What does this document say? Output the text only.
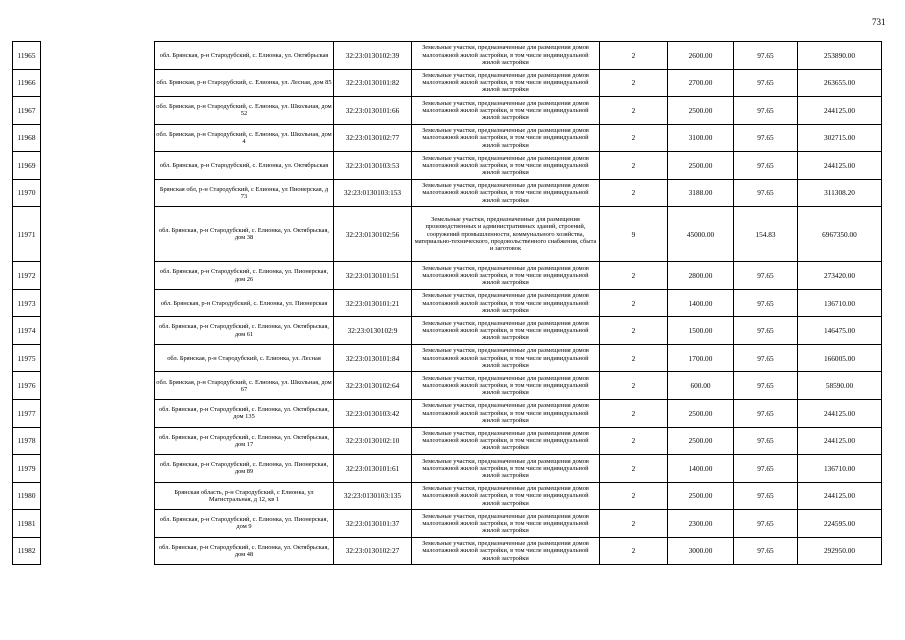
731
11965		обл. Брянская, р-н Стародубский, с. Елионка, ул. Октябрьская	32:23:0130102:39	Земельные участки, предназначенные для размещения домов малоэтажной жилой застройки, в том числе индивидуальной жилой застройки	2	2600.00	97.65	253890.00
11966		обл. Брянская, р-н Стародубский, с. Елионка, ул. Лесная, дом 85	32:23:0130101:82	Земельные участки, предназначенные для размещения домов малоэтажной жилой застройки, в том числе индивидуальной жилой застройки	2	2700.00	97.65	263655.00
11967		обл. Брянская, р-н Стародубский, с. Елионка, ул. Школьная, дом 52	32:23:0130101:66	Земельные участки, предназначенные для размещения домов малоэтажной жилой застройки, в том числе индивидуальной жилой застройки	2	2500.00	97.65	244125.00
11968		обл. Брянская, р-н Стародубский, с. Елионка, ул. Школьная, дом 4	32:23:0130102:77	Земельные участки, предназначенные для размещения домов малоэтажной жилой застройки, в том числе индивидуальной жилой застройки	2	3100.00	97.65	302715.00
11969		обл. Брянская, р-н Стародубский, с. Елионка, ул. Октябрьская	32:23:0130103:53	Земельные участки, предназначенные для размещения домов малоэтажной жилой застройки, в том числе индивидуальной жилой застройки	2	2500.00	97.65	244125.00
11970		Брянская обл, р-н Стародубский, с Елионка, ул Пионерская, д 73	32:23:0130103:153	Земельные участки, предназначенные для размещения домов малоэтажной жилой застройки, в том числе индивидуальной жилой застройки	2	3188.00	97.65	311308.20
11971		обл. Брянская, р-н Стародубский, с. Елионка, ул. Октябрьская, дом 38	32:23:0130102:56	Земельные участки, предназначенные для размещения производственных и административных зданий, строений, сооружений промышленности, коммунального хозяйства, материально-технического, продовольственного снабжения, сбыта и заготовок	9	45000.00	154.83	6967350.00
11972		обл. Брянская, р-н Стародубский, с. Елионка, ул. Пионерская, дом 26	32:23:0130101:51	Земельные участки, предназначенные для размещения домов малоэтажной жилой застройки, в том числе индивидуальной жилой застройки	2	2800.00	97.65	273420.00
11973		обл. Брянская, р-н Стародубский, с. Елионка, ул. Пионерская	32:23:0130101:21	Земельные участки, предназначенные для размещения домов малоэтажной жилой застройки, в том числе индивидуальной жилой застройки	2	1400.00	97.65	136710.00
11974		обл. Брянская, р-н Стародубский, с. Елионка, ул. Октябрьская, дом 61	32:23:0130102:9	Земельные участки, предназначенные для размещения домов малоэтажной жилой застройки, в том числе индивидуальной жилой застройки	2	1500.00	97.65	146475.00
11975		обл. Брянская, р-н Стародубский, с. Елионка, ул. Лесная	32:23:0130101:84	Земельные участки, предназначенные для размещения домов малоэтажной жилой застройки, в том числе индивидуальной жилой застройки	2	1700.00	97.65	166005.00
11976		обл. Брянская, р-н Стародубский, с. Елионка, ул. Школьная, дом 67	32:23:0130102:64	Земельные участки, предназначенные для размещения домов малоэтажной жилой застройки, в том числе индивидуальной жилой застройки	2	600.00	97.65	58590.00
11977		обл. Брянская, р-н Стародубский, с. Елионка, ул. Октябрьская, дом 135	32:23:0130103:42	Земельные участки, предназначенные для размещения домов малоэтажной жилой застройки, в том числе индивидуальной жилой застройки	2	2500.00	97.65	244125.00
11978		обл. Брянская, р-н Стародубский, с. Елионка, ул. Октябрьская, дом 17	32:23:0130102:10	Земельные участки, предназначенные для размещения домов малоэтажной жилой застройки, в том числе индивидуальной жилой застройки	2	2500.00	97.65	244125.00
11979		обл. Брянская, р-н Стародубский, с. Елионка, ул. Пионерская, дом 89	32:23:0130101:61	Земельные участки, предназначенные для размещения домов малоэтажной жилой застройки, в том числе индивидуальной жилой застройки	2	1400.00	97.65	136710.00
11980		Брянская область, р-н Стародубский, с Елионка, ул Магистральная, д 12, кв 1	32:23:0130103:135	Земельные участки, предназначенные для размещения домов малоэтажной жилой застройки, в том числе индивидуальной жилой застройки	2	2500.00	97.65	244125.00
11981		обл. Брянская, р-н Стародубский, с. Елионка, ул. Пионерская, дом 9	32:23:0130101:37	Земельные участки, предназначенные для размещения домов малоэтажной жилой застройки, в том числе индивидуальной жилой застройки	2	2300.00	97.65	224595.00
11982		обл. Брянская, р-н Стародубский, с. Елионка, ул. Октябрьская, дом 48	32:23:0130102:27	Земельные участки, предназначенные для размещения домов малоэтажной жилой застройки, в том числе индивидуальной жилой застройки	2	3000.00	97.65	292950.00
